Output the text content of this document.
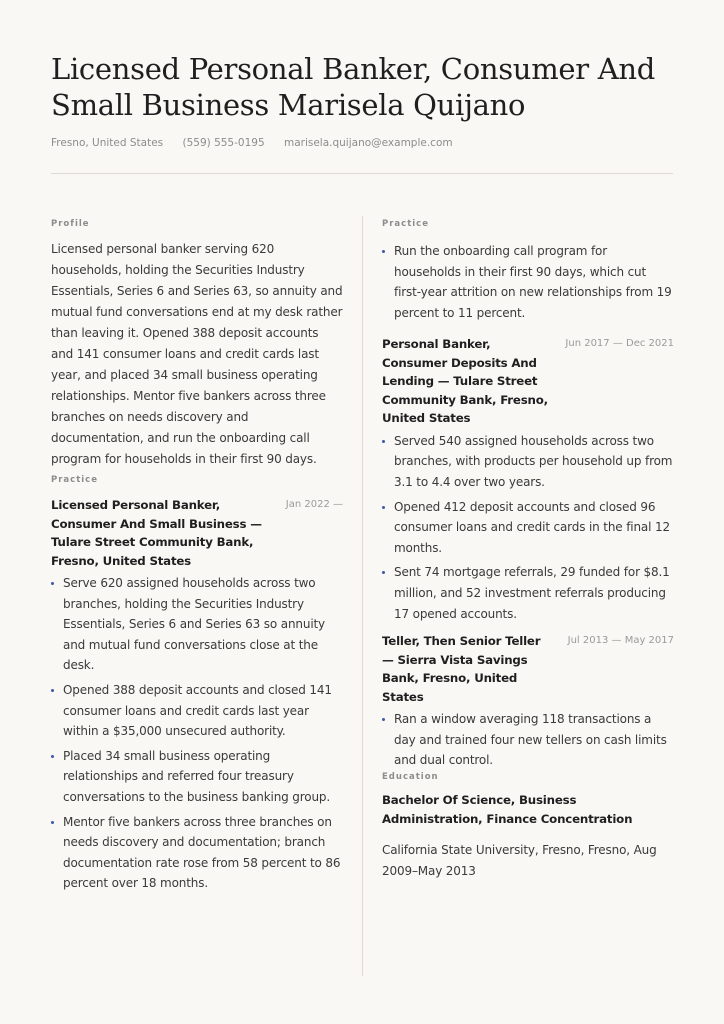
Licensed Personal Banker, Consumer And Small Business Marisela Quijano
Fresno, United States (559) 555-0195 marisela.quijano@example.com

Profile

Licensed personal banker serving 620 households, holding the Securities Industry Essentials, Series 6 and Series 63, so annuity and mutual fund conversations end at my desk rather than leaving it. Opened 388 deposit accounts and 141 consumer loans and credit cards last year, and placed 34 small business operating relationships. Mentor five bankers across three branches on needs discovery and documentation, and run the onboarding call program for households in their first 90 days.

Practice

Licensed Personal Banker, Consumer And Small Business — Tulare Street Community Bank, Fresno, United States
Jan 2022 —
Serve 620 assigned households across two branches, holding the Securities Industry Essentials, Series 6 and Series 63 so annuity and mutual fund conversations close at the desk.
Opened 388 deposit accounts and closed 141 consumer loans and credit cards last year within a $35,000 unsecured authority.
Placed 34 small business operating relationships and referred four treasury conversations to the business banking group.
Mentor five bankers across three branches on needs discovery and documentation; branch documentation rate rose from 58 percent to 86 percent over 18 months.

Practice

Run the onboarding call program for households in their first 90 days, which cut first-year attrition on new relationships from 19 percent to 11 percent.
Personal Banker, Consumer Deposits And Lending — Tulare Street Community Bank, Fresno, United States
Jun 2017 — Dec 2021
Served 540 assigned households across two branches, with products per household up from 3.1 to 4.4 over two years.
Opened 412 deposit accounts and closed 96 consumer loans and credit cards in the final 12 months.
Sent 74 mortgage referrals, 29 funded for $8.1 million, and 52 investment referrals producing 17 opened accounts.
Teller, Then Senior Teller — Sierra Vista Savings Bank, Fresno, United States
Jul 2013 — May 2017
Ran a window averaging 118 transactions a day and trained four new tellers on cash limits and dual control.

Education

Bachelor Of Science, Business Administration, Finance Concentration
California State University, Fresno, Fresno, Aug 2009–May 2013
